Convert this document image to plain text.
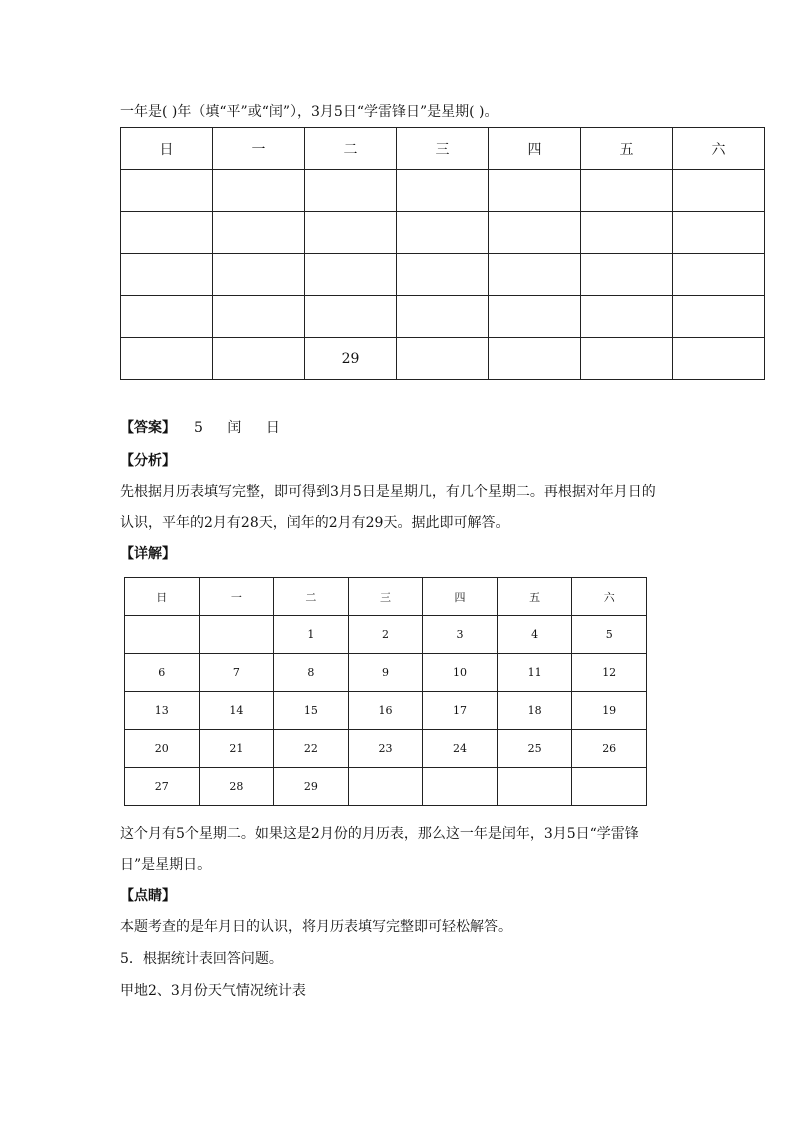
一年是( )年（填“平”或“闰”），3月5日“学雷锋日”是星期( )。
日	一	二	三	四	五	六

		29				
【答案】 5 闰 日
【分析】
先根据月历表填写完整，即可得到3月5日是星期几，有几个星期二。再根据对年月日的
认识，平年的2月有28天，闰年的2月有29天。据此即可解答。
【详解】
日	一	二	三	四	五	六
		1	2	3	4	5
6	7	8	9	10	11	12
13	14	15	16	17	18	19
20	21	22	23	24	25	26
27	28	29				
这个月有5个星期二。如果这是2月份的月历表，那么这一年是闰年，3月5日“学雷锋
日”是星期日。
【点睛】
本题考查的是年月日的认识，将月历表填写完整即可轻松解答。
5．根据统计表回答问题。
甲地2、3月份天气情况统计表
